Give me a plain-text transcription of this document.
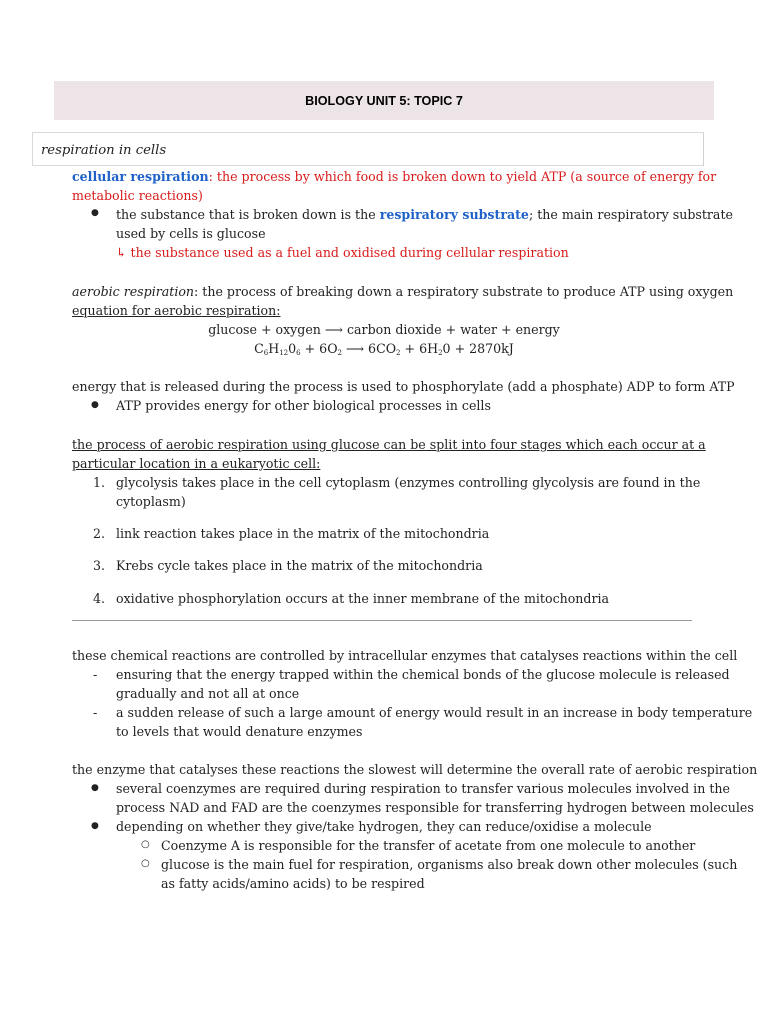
BIOLOGY UNIT 5: TOPIC 7
respiration in cells
cellular respiration: the process by which food is broken down to yield ATP (a source of energy for
metabolic reactions)
● the substance that is broken down is the respiratory substrate; the main respiratory substrate
used by cells is glucose
↳ the substance used as a fuel and oxidised during cellular respiration
aerobic respiration: the process of breaking down a respiratory substrate to produce ATP using oxygen
equation for aerobic respiration:
glucose + oxygen ⟶ carbon dioxide + water + energy
$C_6H_{12}0_6 + 6O_2$ ⟶ $6CO_2 + 6H_20 + 2870kJ$
energy that is released during the process is used to phosphorylate (add a phosphate) ADP to form ATP
● ATP provides energy for other biological processes in cells
the process of aerobic respiration using glucose can be split into four stages which each occur at a
particular location in a eukaryotic cell:
1. glycolysis takes place in the cell cytoplasm (enzymes controlling glycolysis are found in the
cytoplasm)
2. link reaction takes place in the matrix of the mitochondria
3. Krebs cycle takes place in the matrix of the mitochondria
4. oxidative phosphorylation occurs at the inner membrane of the mitochondria
these chemical reactions are controlled by intracellular enzymes that catalyses reactions within the cell
- ensuring that the energy trapped within the chemical bonds of the glucose molecule is released
gradually and not all at once
- a sudden release of such a large amount of energy would result in an increase in body temperature
to levels that would denature enzymes
the enzyme that catalyses these reactions the slowest will determine the overall rate of aerobic respiration
● several coenzymes are required during respiration to transfer various molecules involved in the
process NAD and FAD are the coenzymes responsible for transferring hydrogen between molecules
● depending on whether they give/take hydrogen, they can reduce/oxidise a molecule
○ Coenzyme A is responsible for the transfer of acetate from one molecule to another
○ glucose is the main fuel for respiration, organisms also break down other molecules (such
as fatty acids/amino acids) to be respired
